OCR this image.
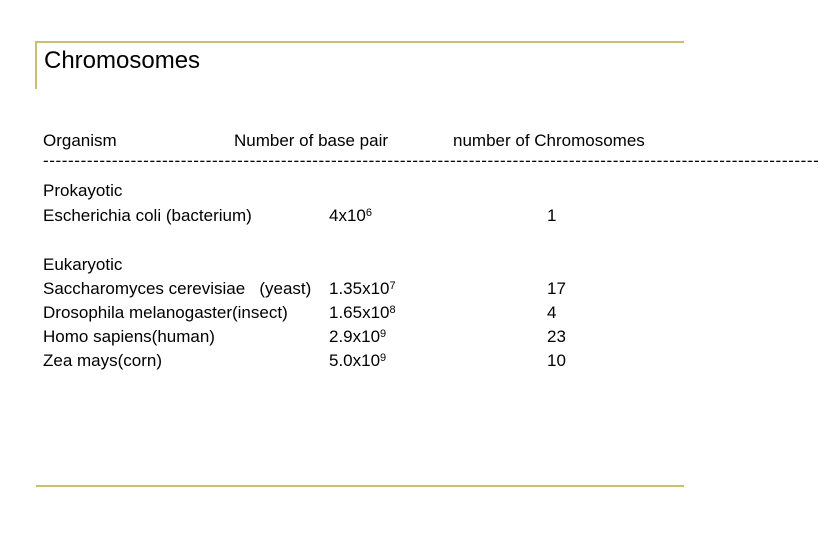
Chromosomes
Organism	Number of base pair	number of Chromosomes
----------------------------------------------------------------------------------------------------------------------------
Prokayotic
Escherichia coli (bacterium)	$4x10^6$	1
Eukaryotic
Saccharomyces cerevisiae   (yeast) $1.35x10^7$	17
Drosophila melanogaster(insect) $1.65x10^8$	4
Homo sapiens(human)	$2.9x10^9$	23
Zea mays(corn)	$5.0x10^9$	10
